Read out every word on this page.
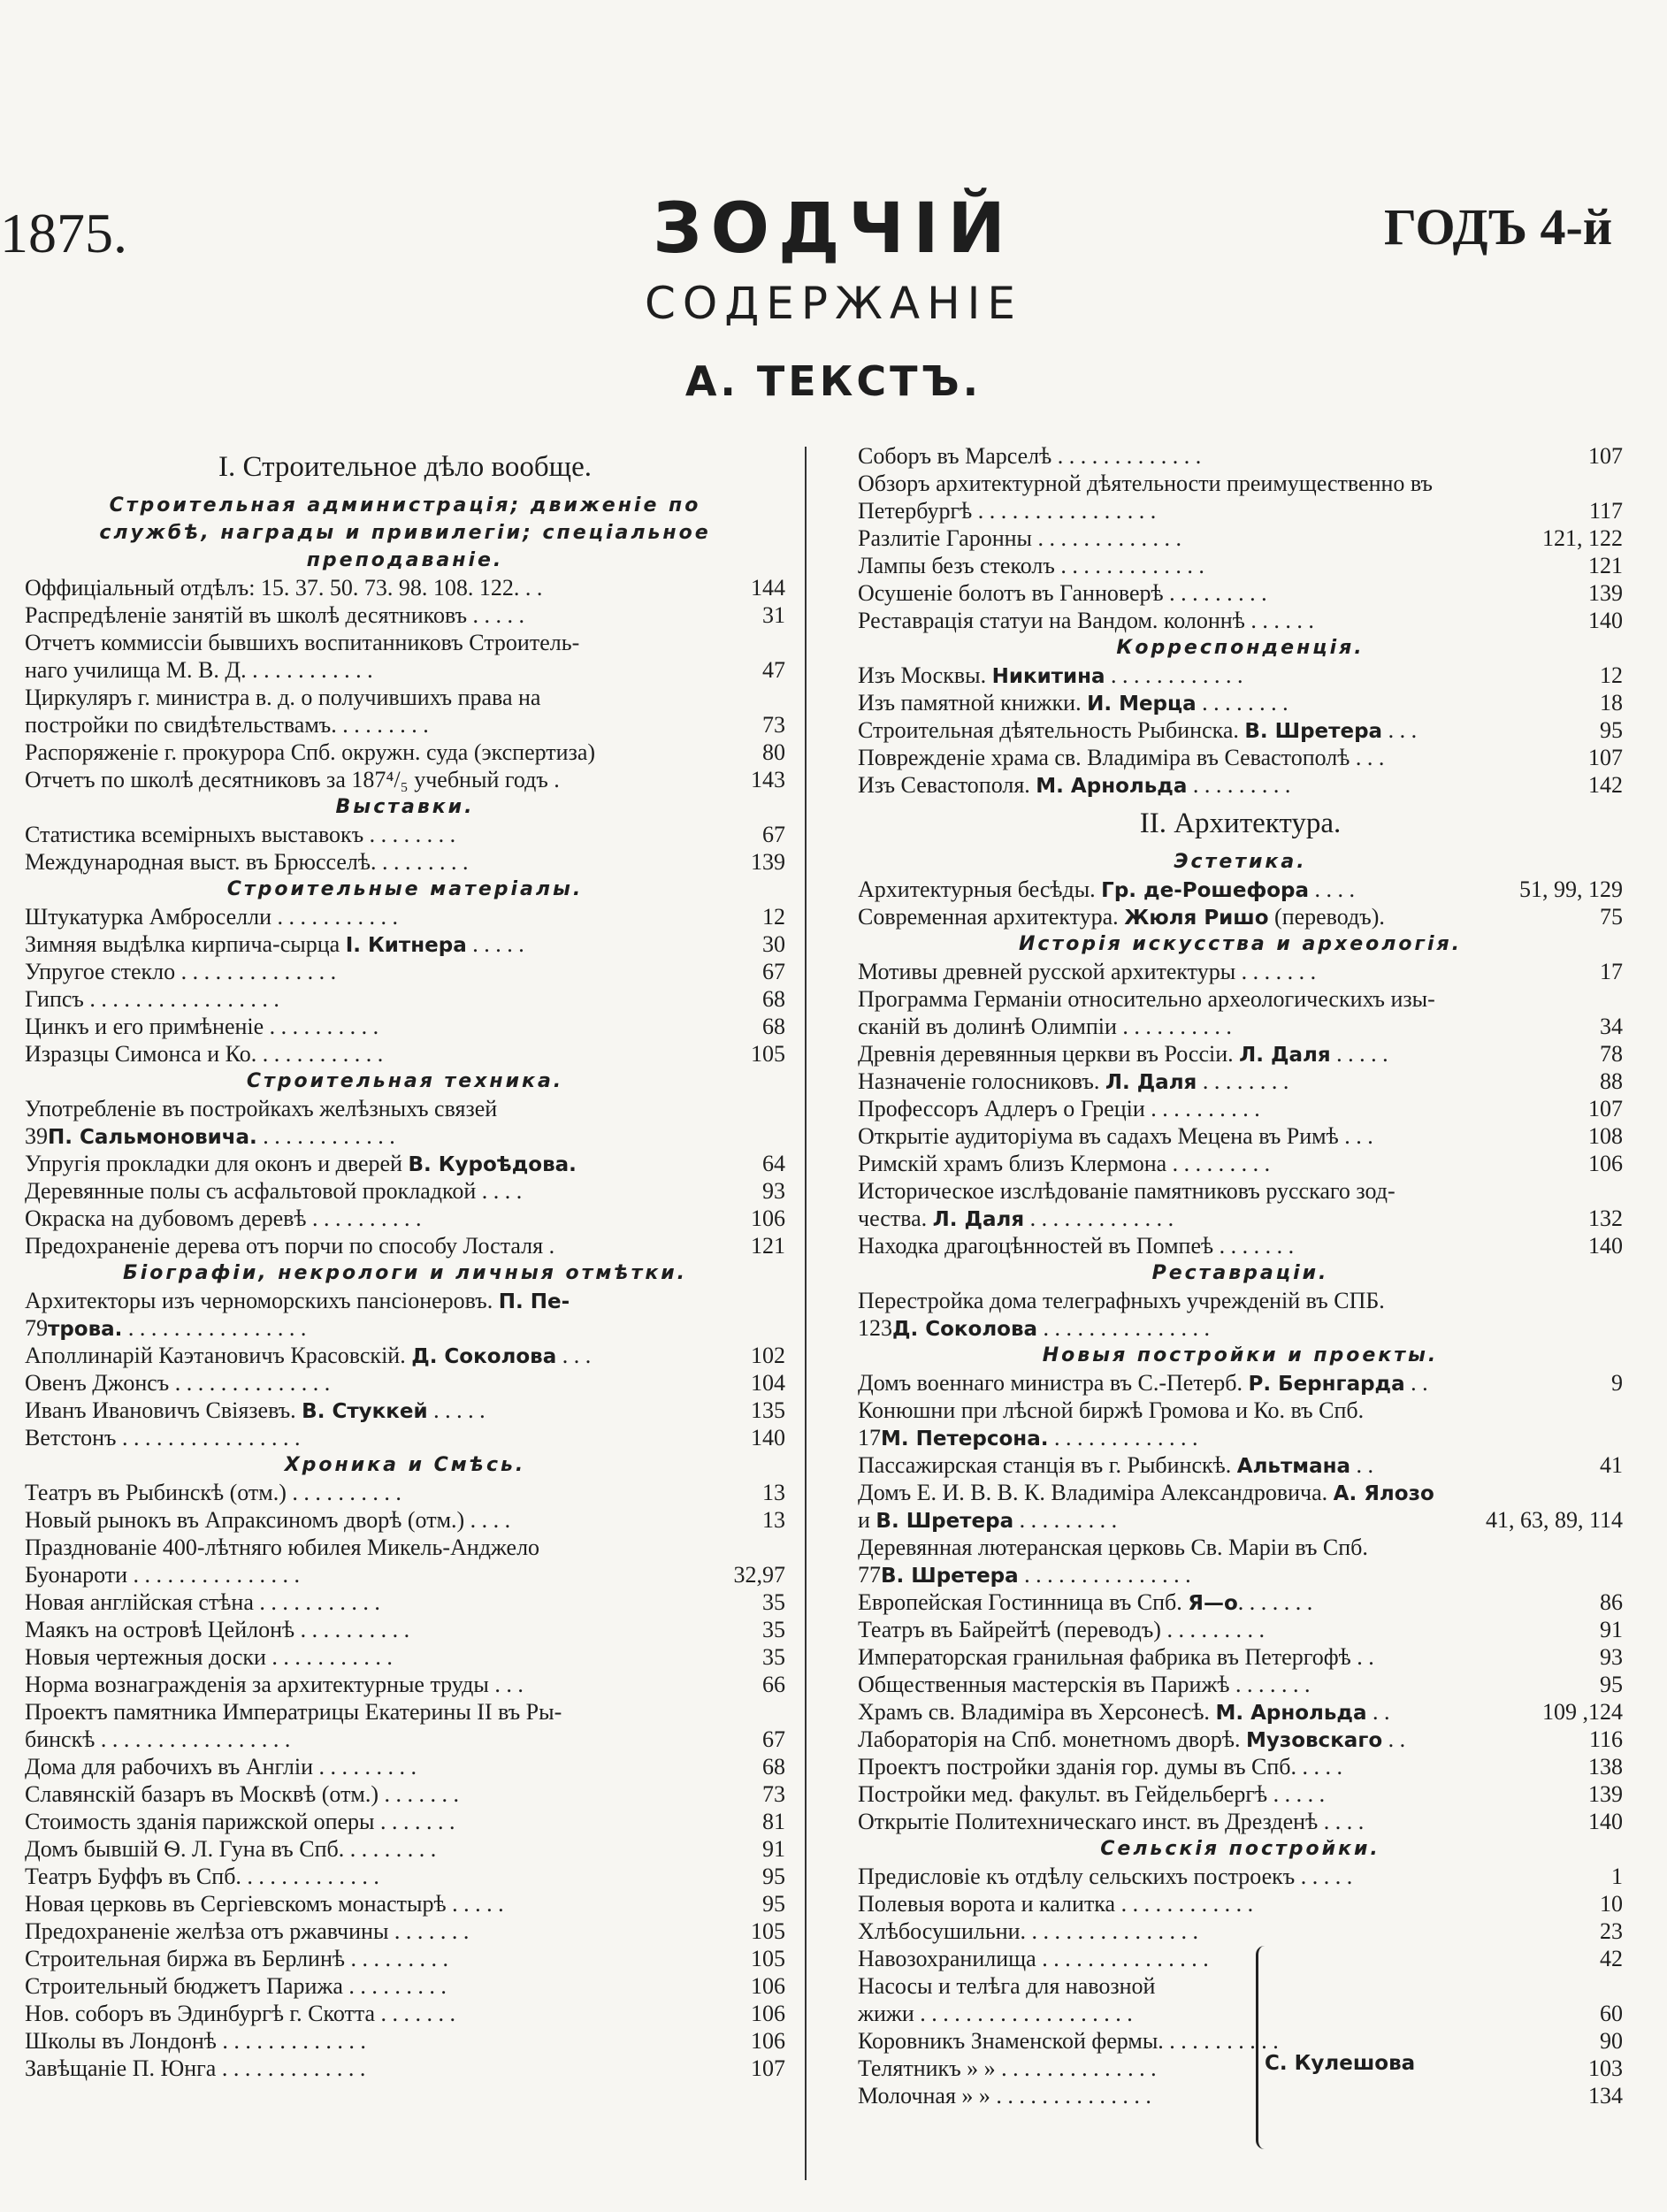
1875.	ЗОДЧІЙ	ГОДЪ 4-й
СОДЕРЖАНІЕ
А. ТЕКСТЪ.
I. Строительное дѣло вообще.
Строительная администрація; движеніе по
службѣ, награды и привилегіи; спеціальное
преподаваніе.
144
Оффиціальный отдѣлъ: 15. 37. 50. 73. 98. 108. 122. . .
31
Распредѣленіе занятій въ школѣ десятниковъ . . . . .
Отчетъ коммиссіи бывшихъ воспитанниковъ Строитель-
47
наго училища М. В. Д. . . . . . . . . . . .
Циркуляръ г. министра в. д. о получившихъ права на
73
постройки по свидѣтельствамъ. . . . . . . . .
80
Распоряженіе г. прокурора Спб. окружн. суда (экспертиза)
143
Отчетъ по школѣ десятниковъ за 187⁴/₅ учебный годъ .
Выставки.
67
Статистика всемірныхъ выставокъ . . . . . . . .
139
Международная выст. въ Брюсселѣ. . . . . . . . .
Строительные матеріалы.
12
Штукатурка Амброселли . . . . . . . . . . .
30
Зимняя выдѣлка кирпича-сырца І. Китнера . . . . .
67
Упругое стекло . . . . . . . . . . . . . .
68
Гипсъ . . . . . . . . . . . . . . . . .
68
Цинкъ и его примѣненіе . . . . . . . . . .
105
Изразцы Симонса и Ко. . . . . . . . . . . .
Строительная техника.
Употребленіе въ постройкахъ желѣзныхъ связей
39П. Сальмоновича. . . . . . . . . . . . .
64
Упругія прокладки для оконъ и дверей В. Куроѣдова.
93
Деревянные полы съ асфальтовой прокладкой . . . .
106
Окраска на дубовомъ деревѣ . . . . . . . . . .
121
Предохраненіе дерева отъ порчи по способу Лосталя .
Біографіи, некрологи и личныя отмѣтки.
Архитекторы изъ черноморскихъ пансіонеровъ. П. Пе-
79трова. . . . . . . . . . . . . . . . .
102
Аполлинарій Каэтановичъ Красовскій. Д. Соколова . . .
104
Овенъ Джонсъ . . . . . . . . . . . . . .
135
Иванъ Ивановичъ Свіязевъ. В. Стуккей . . . . .
140
Ветстонъ . . . . . . . . . . . . . . . .
Хроника и Смѣсь.
13
Театръ въ Рыбинскѣ (отм.) . . . . . . . . . .
13
Новый рынокъ въ Апраксиномъ дворѣ (отм.) . . . .
Празднованіе 400-лѣтняго юбилея Микель-Анджело
32,97
Буонароти . . . . . . . . . . . . . . .
35
Новая англійская стѣна . . . . . . . . . . .
35
Маякъ на островѣ Цейлонѣ . . . . . . . . . .
35
Новыя чертежныя доски . . . . . . . . . . .
66
Норма вознагражденія за архитектурные труды . . .
Проектъ памятника Императрицы Екатерины II въ Ры-
67
бинскѣ . . . . . . . . . . . . . . . . .
68
Дома для рабочихъ въ Англіи . . . . . . . . .
73
Славянскій базаръ въ Москвѣ (отм.) . . . . . . .
81
Стоимость зданія парижской оперы . . . . . . .
91
Домъ бывшій Ѳ. Л. Гуна въ Спб. . . . . . . . .
95
Театръ Буффъ въ Спб. . . . . . . . . . . . .
95
Новая церковь въ Сергіевскомъ монастырѣ . . . . .
105
Предохраненіе желѣза отъ ржавчины . . . . . . .
105
Строительная биржа въ Берлинѣ . . . . . . . . .
106
Строительный бюджетъ Парижа . . . . . . . . .
106
Нов. соборъ въ Эдинбургѣ г. Скотта . . . . . . .
106
Школы въ Лондонѣ . . . . . . . . . . . . .
107
Завѣщаніе П. Юнга . . . . . . . . . . . . .
107
Соборъ въ Марселѣ . . . . . . . . . . . . .
Обзоръ архитектурной дѣятельности преимущественно въ
117
Петербургѣ . . . . . . . . . . . . . . . .
121, 122
Разлитіе Гаронны . . . . . . . . . . . . .
121
Лампы безъ стеколъ . . . . . . . . . . . . .
139
Осушеніе болотъ въ Ганноверѣ . . . . . . . . .
140
Реставрація статуи на Вандом. колоннѣ . . . . . .
Корреспонденція.
12
Изъ Москвы. Никитина . . . . . . . . . . . .
18
Изъ памятной книжки. И. Мерца . . . . . . . .
95
Строительная дѣятельность Рыбинска. В. Шретера . . .
107
Поврежденіе храма св. Владиміра въ Севастополѣ . . .
142
Изъ Севастополя. М. Арнольда . . . . . . . . .
II. Архитектура.
Эстетика.
51, 99, 129
Архитектурныя бесѣды. Гр. де-Рошефора . . . .
75
Современная архитектура. Жюля Ришо (переводъ).
Исторія искусства и археологія.
17
Мотивы древней русской архитектуры . . . . . . .
Программа Германіи относительно археологическихъ изы-
34
сканій въ долинѣ Олимпіи . . . . . . . . . .
78
Древнія деревянныя церкви въ Россіи. Л. Даля . . . . .
88
Назначеніе голосниковъ. Л. Даля . . . . . . . .
107
Профессоръ Адлеръ о Греціи . . . . . . . . . .
108
Открытіе аудиторіума въ садахъ Мецена въ Римѣ . . .
106
Римскій храмъ близъ Клермона . . . . . . . . .
Историческое изслѣдованіе памятниковъ русскаго зод-
132
чества. Л. Даля . . . . . . . . . . . . .
140
Находка драгоцѣнностей въ Помпеѣ . . . . . . .
Реставраціи.
Перестройка дома телеграфныхъ учрежденій въ СПБ.
123Д. Соколова . . . . . . . . . . . . . . .
Новыя постройки и проекты.
9
Домъ военнаго министра въ С.-Петерб. Р. Бернгарда . .
Конюшни при лѣсной биржѣ Громова и Ко. въ Спб.
17М. Петерсона. . . . . . . . . . . . . .
41
Пассажирская станція въ г. Рыбинскѣ. Альтмана . .
Домъ Е. И. В. В. К. Владиміра Александровича. А. Ялозо
41, 63, 89, 114
и В. Шретера . . . . . . . . .
Деревянная лютеранская церковь Св. Маріи въ Спб.
77В. Шретера . . . . . . . . . . . . . . .
86
Европейская Гостинница въ Спб. Я—о. . . . . . .
91
Театръ въ Байрейтѣ (переводъ) . . . . . . . . .
93
Императорская гранильная фабрика въ Петергофѣ . .
95
Общественныя мастерскія въ Парижѣ . . . . . . .
109 ,124
Храмъ св. Владиміра въ Херсонесѣ. М. Арнольда . .
116
Лабораторія на Спб. монетномъ дворѣ. Музовскаго . .
138
Проектъ постройки зданія гор. думы въ Спб. . . . .
139
Постройки мед. факульт. въ Гейдельбергѣ . . . . .
140
Открытіе Политехническаго инст. въ Дрезденѣ . . . .
Сельскія постройки.
1
Предисловіе къ отдѣлу сельскихъ построекъ . . . . .
10
Полевыя ворота и калитка . . . . . . . . . . . .
23
Хлѣбосушильни. . . . . . . . . . . . . . . .
42
Навозохранилища . . . . . . . . . . . . . . .
Насосы и телѣга для навозной
60
жижи . . . . . . . . . . . . . . . . . . .
90
Коровникъ Знаменской фермы. . . . . . . . . . .
103
Телятникъ » » . . . . . . . . . . . . . .
134
Молочная » » . . . . . . . . . . . . . .
С. Кулешова
